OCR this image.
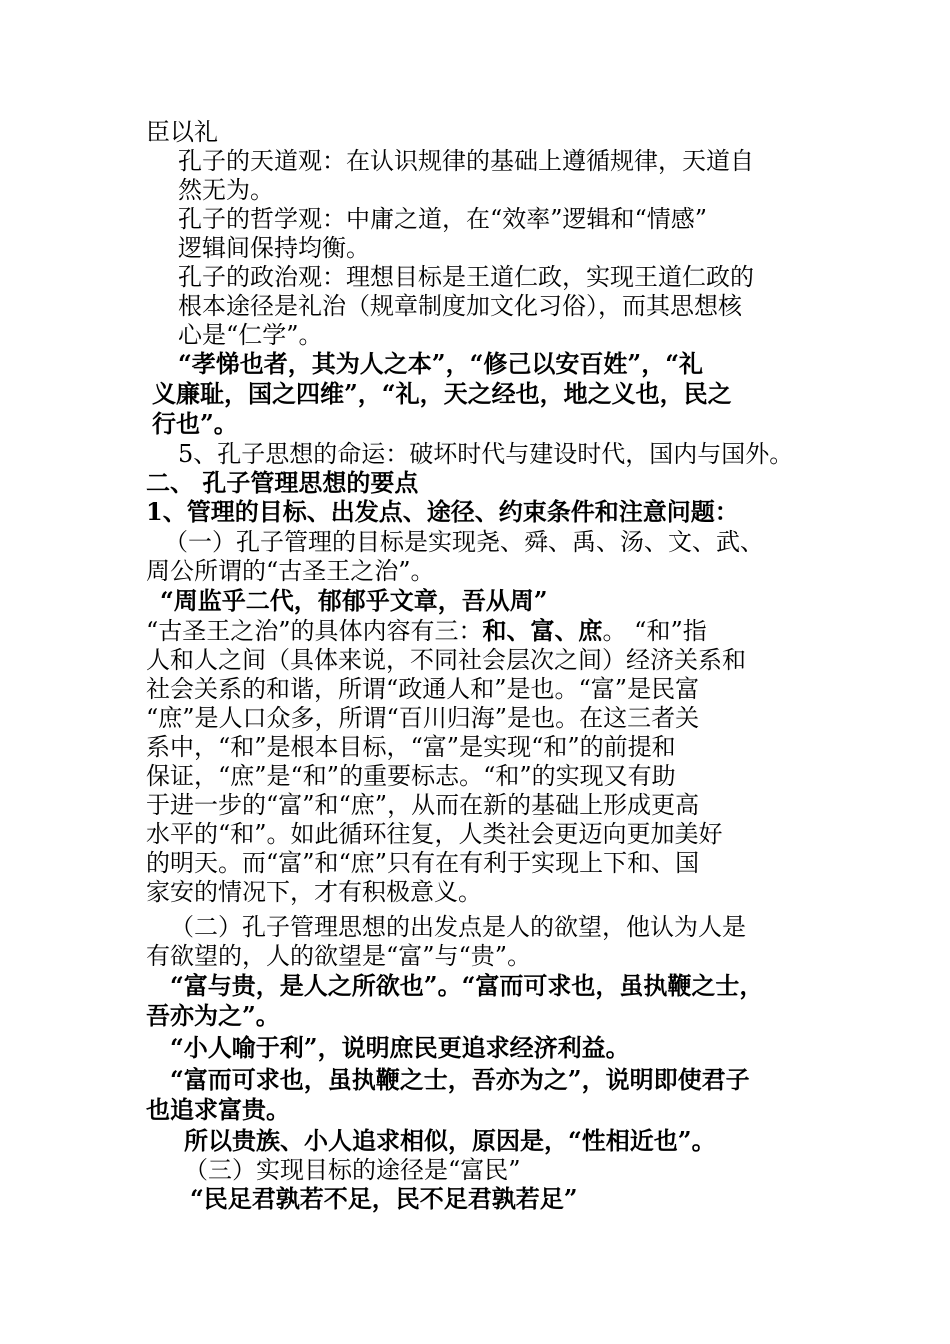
臣以礼
孔子的天道观：在认识规律的基础上遵循规律，天道自
然无为。
孔子的哲学观：中庸之道，在“效率”逻辑和“情感”
逻辑间保持均衡。
孔子的政治观：理想目标是王道仁政，实现王道仁政的
根本途径是礼治（规章制度加文化习俗），而其思想核
心是“仁学”。
“孝悌也者，其为人之本”，“修己以安百姓”，“礼
义廉耻，国之四维”，“礼，天之经也，地之义也，民之
行也”。
5、孔子思想的命运：破坏时代与建设时代，国内与国外。
二、 孔子管理思想的要点
1、管理的目标、出发点、途径、约束条件和注意问题：
（一）孔子管理的目标是实现尧、舜、禹、汤、文、武、
周公所谓的“古圣王之治”。
“周监乎二代，郁郁乎文章，吾从周”
“古圣王之治”的具体内容有三：和、富、庶。 “和”指
人和人之间（具体来说，不同社会层次之间）经济关系和
社会关系的和谐，所谓“政通人和”是也。“富”是民富
“庶”是人口众多，所谓“百川归海”是也。在这三者关
系中，“和”是根本目标，“富”是实现“和”的前提和
保证，“庶”是“和”的重要标志。“和”的实现又有助
于进一步的“富”和“庶”，从而在新的基础上形成更高
水平的“和”。如此循环往复，人类社会更迈向更加美好
的明天。而“富”和“庶”只有在有利于实现上下和、国
家安的情况下，才有积极意义。
（二）孔子管理思想的出发点是人的欲望，他认为人是
有欲望的，人的欲望是“富”与“贵”。
“富与贵，是人之所欲也”。“富而可求也，虽执鞭之士，
吾亦为之”。
“小人喻于利”，说明庶民更追求经济利益。
“富而可求也，虽执鞭之士，吾亦为之”，说明即使君子
也追求富贵。
所以贵族、小人追求相似，原因是，“性相近也”。
（三）实现目标的途径是“富民”
“民足君孰若不足，民不足君孰若足”
